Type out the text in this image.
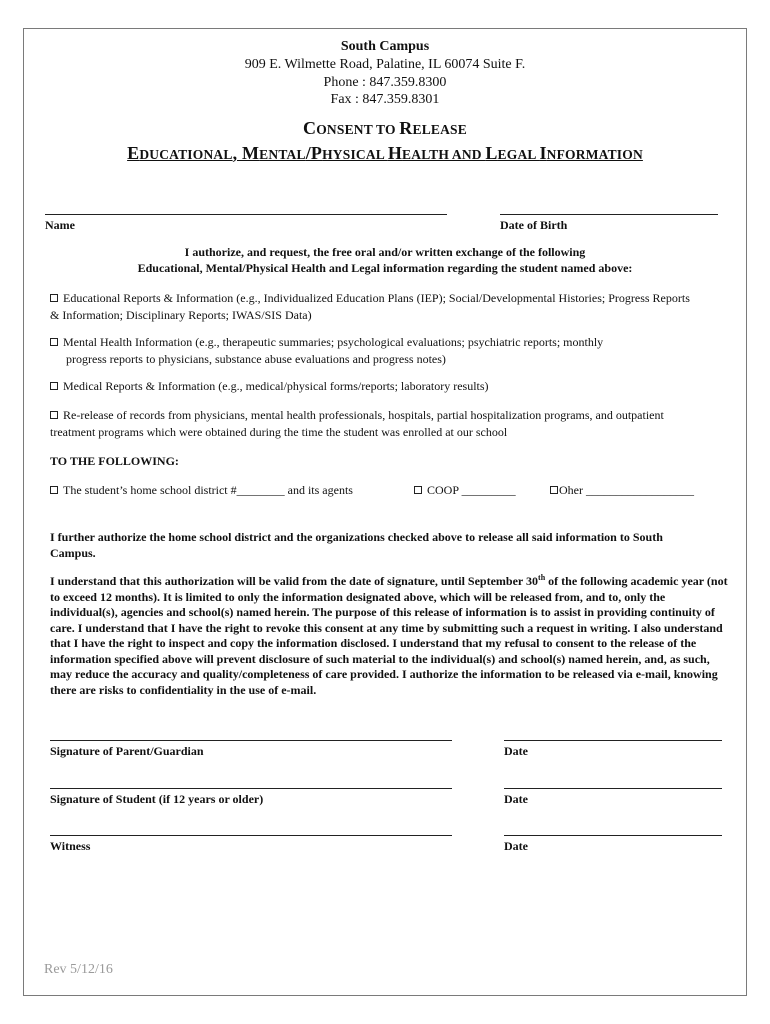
South Campus
909 E. Wilmette Road, Palatine, IL 60074 Suite F.
Phone : 847.359.8300
Fax : 847.359.8301
CONSENT TO RELEASE
EDUCATIONAL, MENTAL/PHYSICAL HEALTH AND LEGAL INFORMATION
Name	Date of Birth
I authorize, and request, the free oral and/or written exchange of the following
Educational, Mental/Physical Health and Legal information regarding the student named above:
Educational Reports & Information (e.g., Individualized Education Plans (IEP); Social/Developmental Histories; Progress Reports
& Information; Disciplinary Reports; IWAS/SIS Data)
Mental Health Information (e.g., therapeutic summaries; psychological evaluations; psychiatric reports; monthly
progress reports to physicians, substance abuse evaluations and progress notes)
Medical Reports & Information (e.g., medical/physical forms/reports; laboratory results)
Re-release of records from physicians, mental health professionals, hospitals, partial hospitalization programs, and outpatient
treatment programs which were obtained during the time the student was enrolled at our school
TO THE FOLLOWING:
The student’s home school district #________ and its agents	COOP _________	Oher __________________
I further authorize the home school district and the organizations checked above to release all said information to South Campus.
I understand that this authorization will be valid from the date of signature, until September 30th of the following academic year (not to exceed 12 months). It is limited to only the information designated above, which will be released from, and to, only the individual(s), agencies and school(s) named herein. The purpose of this release of information is to assist in providing continuity of care. I understand that I have the right to revoke this consent at any time by submitting such a request in writing. I also understand that I have the right to inspect and copy the information disclosed. I understand that my refusal to consent to the release of the information specified above will prevent disclosure of such material to the individual(s) and school(s) named herein, and, as such, may reduce the accuracy and quality/completeness of care provided. I authorize the information to be released via e-mail, knowing there are risks to confidentiality in the use of e-mail.
Signature of Parent/Guardian	Date
Signature of Student (if 12 years or older)	Date
Witness	Date
Rev 5/12/16
